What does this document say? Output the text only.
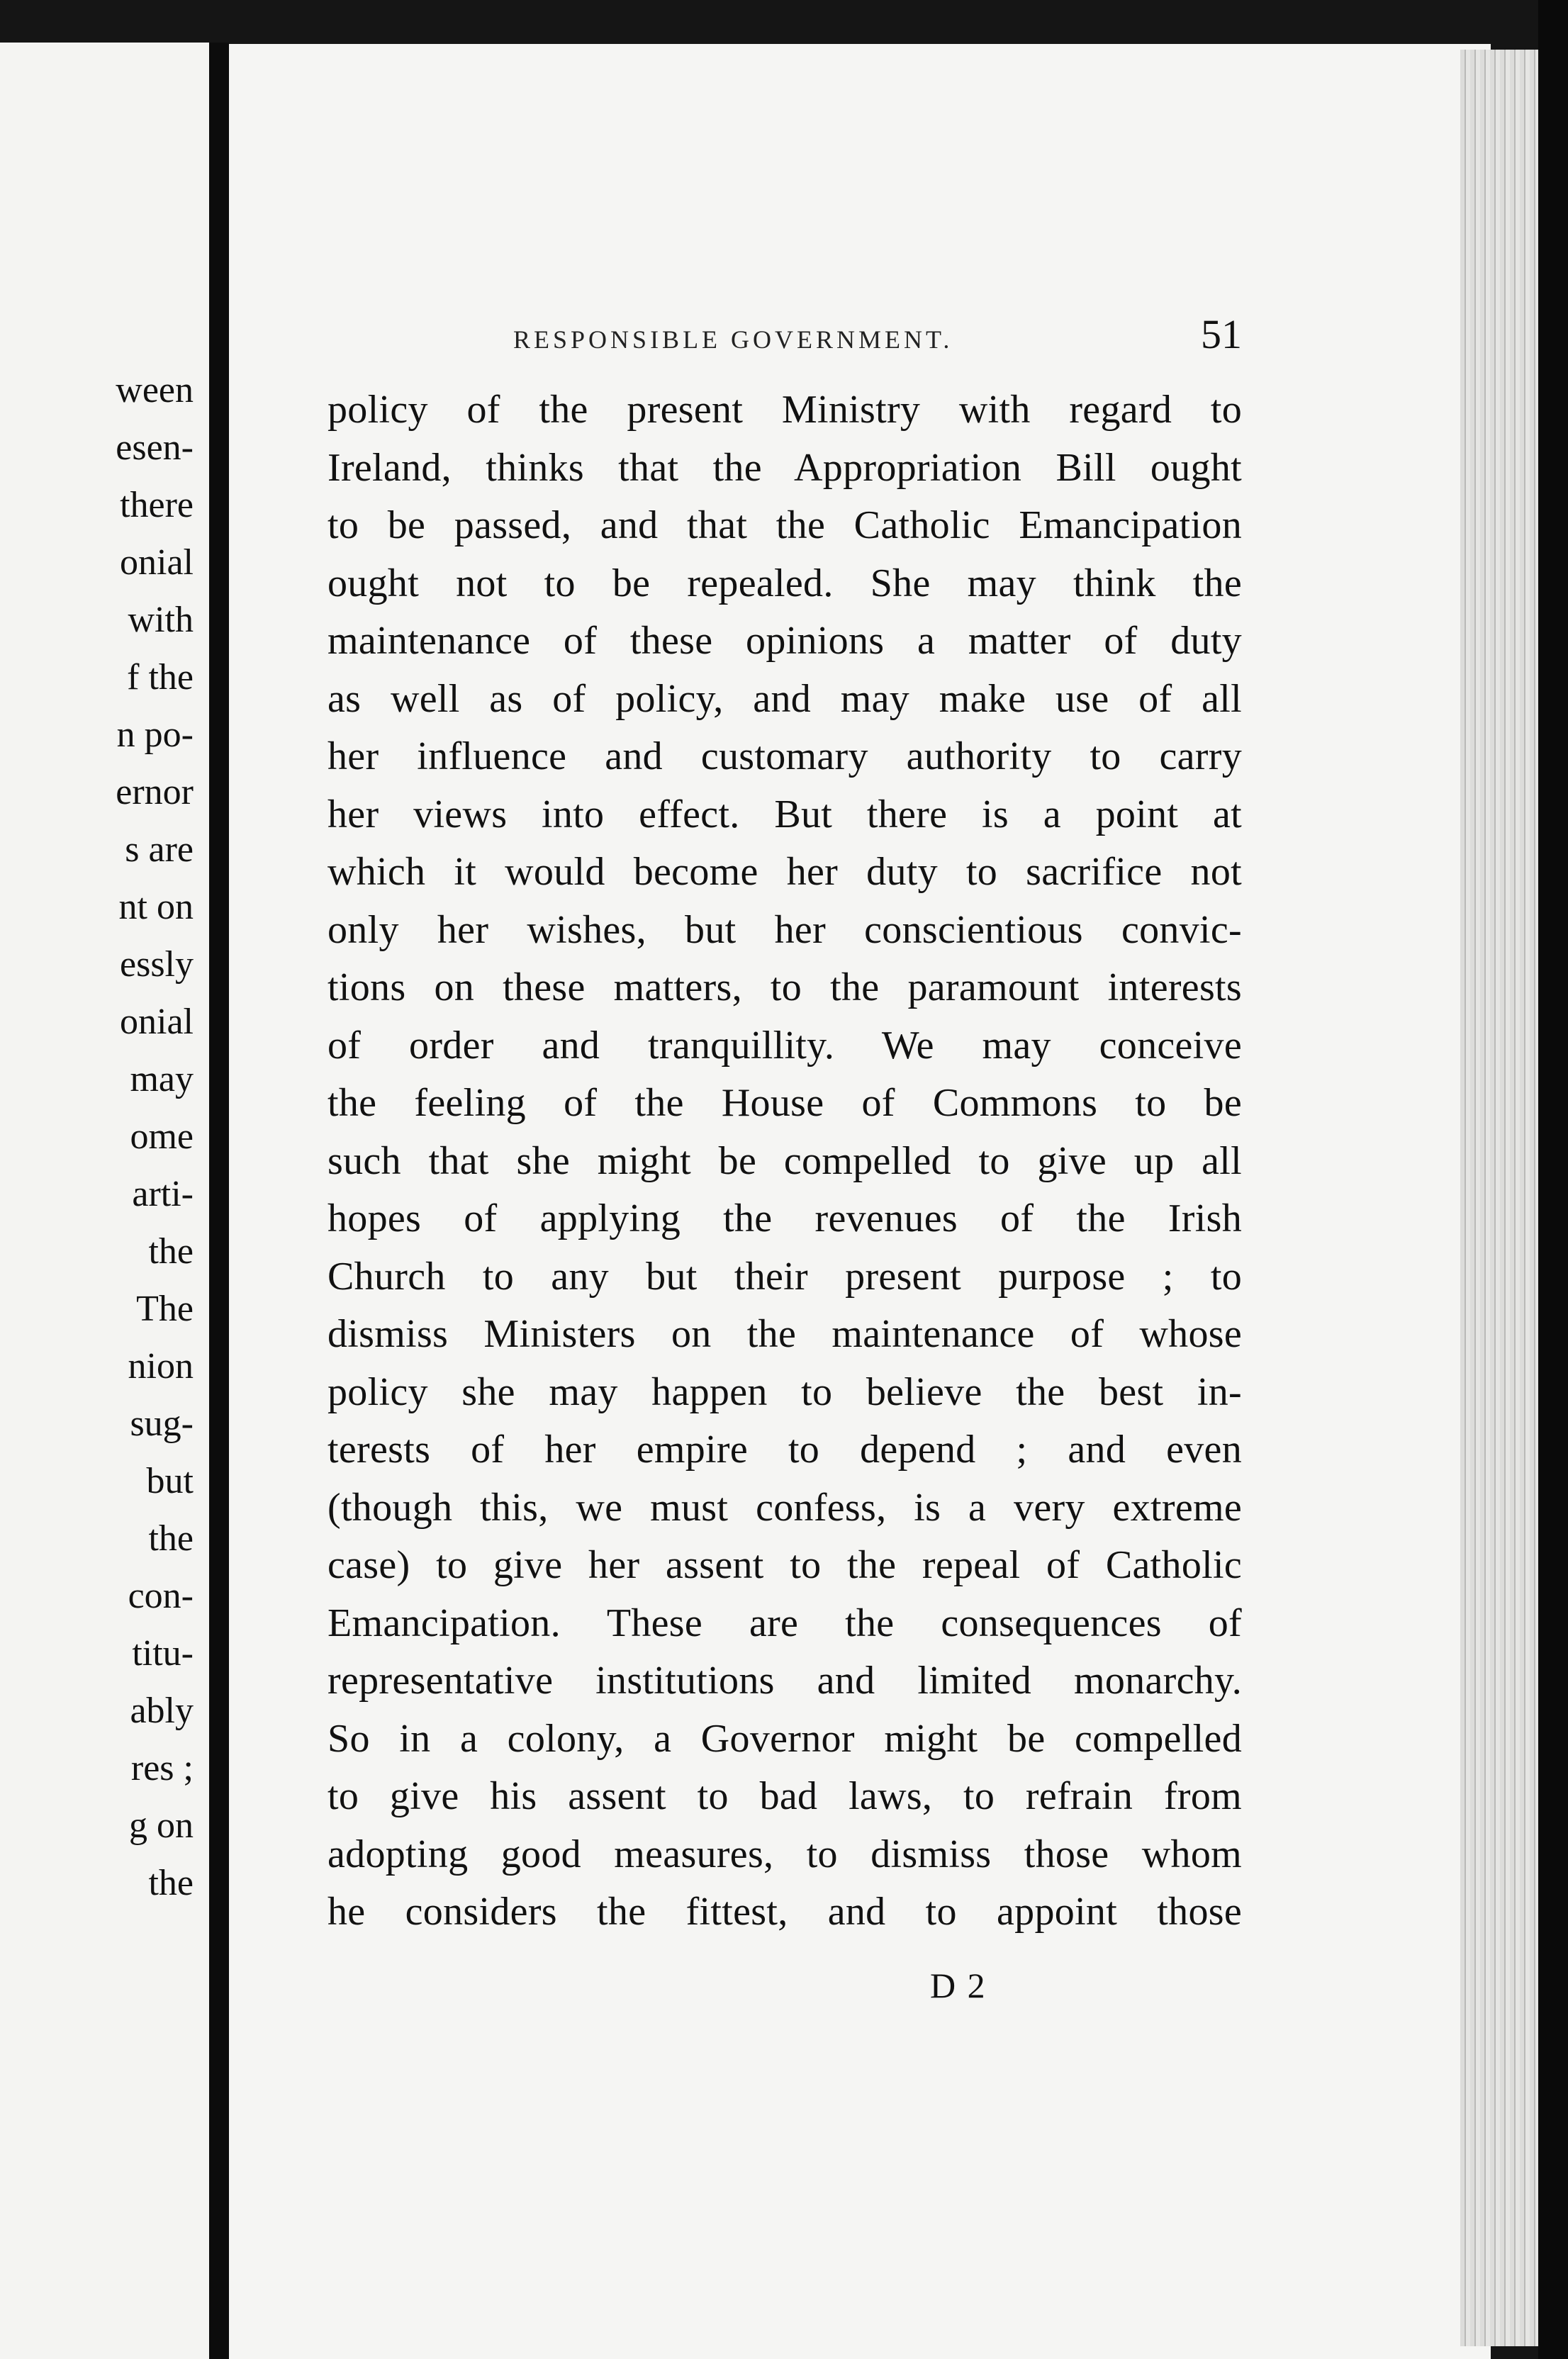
ween
esen-
there
onial
with
f the
n po-
ernor
s are
nt on
essly
onial
may
ome
arti-
the
The
nion
sug-
but
the
con-
titu-
ably
res ;
g on
the
RESPONSIBLE GOVERNMENT.	51
policy of the present Ministry with regard to
Ireland, thinks that the Appropriation Bill ought
to be passed, and that the Catholic Emancipation
ought not to be repealed. She may think the
maintenance of these opinions a matter of duty
as well as of policy, and may make use of all
her influence and customary authority to carry
her views into effect. But there is a point at
which it would become her duty to sacrifice not
only her wishes, but her conscientious convic-
tions on these matters, to the paramount interests
of order and tranquillity. We may conceive
the feeling of the House of Commons to be
such that she might be compelled to give up all
hopes of applying the revenues of the Irish
Church to any but their present purpose ; to
dismiss Ministers on the maintenance of whose
policy she may happen to believe the best in-
terests of her empire to depend ; and even
(though this, we must confess, is a very extreme
case) to give her assent to the repeal of Catholic
Emancipation. These are the consequences of
representative institutions and limited monarchy.
So in a colony, a Governor might be compelled
to give his assent to bad laws, to refrain from
adopting good measures, to dismiss those whom
he considers the fittest, and to appoint those
D 2
